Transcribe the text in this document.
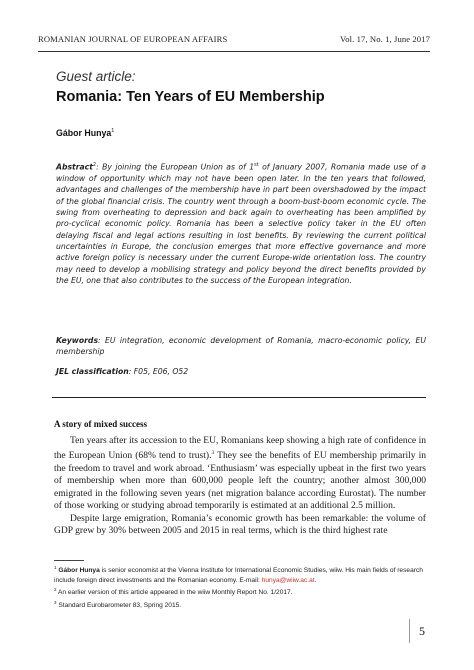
ROMANIAN JOURNAL OF EUROPEAN AFFAIRS	Vol. 17, No. 1, June 2017
Guest article:
Romania: Ten Years of EU Membership
Gábor Hunya$^1$
Abstract$^2$: By joining the European Union as of 1st of January 2007, Romania made use of a window of opportunity which may not have been open later. In the ten years that followed, advantages and challenges of the membership have in part been overshadowed by the impact of the global financial crisis. The country went through a boom-bust-boom economic cycle. The swing from overheating to depression and back again to overheating has been amplified by pro-cyclical economic policy. Romania has been a selective policy taker in the EU often delaying fiscal and legal actions resulting in lost benefits. By reviewing the current political uncertainties in Europe, the conclusion emerges that more effective governance and more active foreign policy is necessary under the current Europe-wide orientation loss. The country may need to develop a mobilising strategy and policy beyond the direct benefits provided by the EU, one that also contributes to the success of the European integration.
Keywords: EU integration, economic development of Romania, macro-economic policy, EU membership
JEL classification: F05, E06, O52
A story of mixed success
Ten years after its accession to the EU, Romanians keep showing a high rate of confidence in the European Union (68% tend to trust).$^3$ They see the benefits of EU membership primarily in the freedom to travel and work abroad. ‘Enthusiasm’ was especially upbeat in the first two years of membership when more than 600,000 people left the country; another almost 300,000 emigrated in the following seven years (net migration balance according Eurostat). The number of those working or studying abroad temporarily is estimated at an additional 2.5 million.
Despite large emigration, Romania’s economic growth has been remarkable: the volume of GDP grew by 30% between 2005 and 2015 in real terms, which is the third highest rate
$^1$ Gábor Hunya is senior economist at the Vienna Institute for International Economic Studies, wiiw. His main fields of research include foreign direct investments and the Romanian economy. E-mail: hunya@wiiw.ac.at.
$^2$ An earlier version of this article appeared in the wiiw Monthly Report No. 1/2017.
$^3$ Standard Eurobarometer 83, Spring 2015.
5
